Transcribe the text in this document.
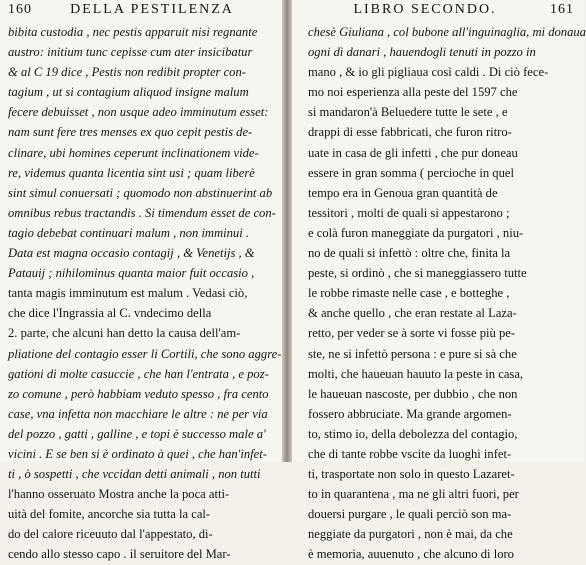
160	DELLA PESTILENZA
bibita custodia , nec pestis apparuit nisi regnante
austro: initium tunc cepisse cum ater insicibatur
& al C 19 dice , Pestis non redibit propter con-
tagium , ut si contagium aliquod insigne malum
fecere debuisset , non usque adeo imminutum esset:
nam sunt fere tres menses ex quo cepit pestis de-
clinare, ubi homines ceperunt inclinationem vide-
re, videmus quanta licentia sint usi ; quam liberè
sint simul conuersati ; quomodo non abstinuerint ab
omnibus rebus tractandis . Si timendum esset de con-
tagio debebat continuari malum , non imminui .
Data est magna occasio contagij , & Venetijs , &
Patauij ; nihilominus quanta maior fuit occasio ,
tanta magis imminutum est malum . Vedasi ciò,
che dice l'Ingrassia al C. vndecimo della
2. parte, che alcuni han detto la causa dell'am-
pliatione del contagio esser li Cortili, che sono aggre-
gationi di molte casuccie , che han l'entrata , e poz-
zo comune , però habbiam veduto spesso , fra cento
case, vna infetta non macchiare le altre : ne per via
del pozzo , gatti , galline , e topi è successo male a'
vicini . E se ben si è ordinato à quei , che han'infet-
ti , ò sospetti , che vccidan detti animali , non tutti
l'hanno osseruato Mostra anche la poca atti-
uità del fomite, ancorche sia tutta la cal-
do del calore riceuuto dal l'appestato, di-
cendo allo stesso capo . il seruitore del Mar-
LIBRO SECONDO.	161
chesè Giuliana , col bubone all'inguinaglia, mi donaua
ogni dì danari , hauendogli tenuti in pozzo in
mano , & io gli pigliaua così caldi . Di ciò fece-
mo noi esperienza alla peste del 1597 che
si mandaron'à Beluedere tutte le sete , e
drappi di esse fabbricati, che furon ritro-
uate in casa de gli infetti , che pur doneau
essere in gran somma ( percioche in quel
tempo era in Genoua gran quantità de
tessitori , molti de quali si appestarono ;
e colà furon maneggiate da purgatori , niu-
no de quali si infettò : oltre che, finita la
peste, si ordinò , che si maneggiassero tutte
le robbe rimaste nelle case , e botteghe ,
& anche quello , che eran restate al Laza-
retto, per veder se à sorte vi fosse più pe-
ste, ne si infettò persona : e pure si sà che
molti, che haueuan hauuto la peste in casa,
le haueuan nascoste, per dubbio , che non
fossero abbruciate. Ma grande argomen-
to, stimo io, della debolezza del contagio,
che di tante robbe vscite da luoghi infet-
ti, trasportate non solo in questo Lazaret-
to in quarantena , ma ne gli altri fuori, per
douersi purgare , le quali perciò son ma-
neggiate da purgatori , non è mai, da che
è memoria, auuenuto , che alcuno di loro
